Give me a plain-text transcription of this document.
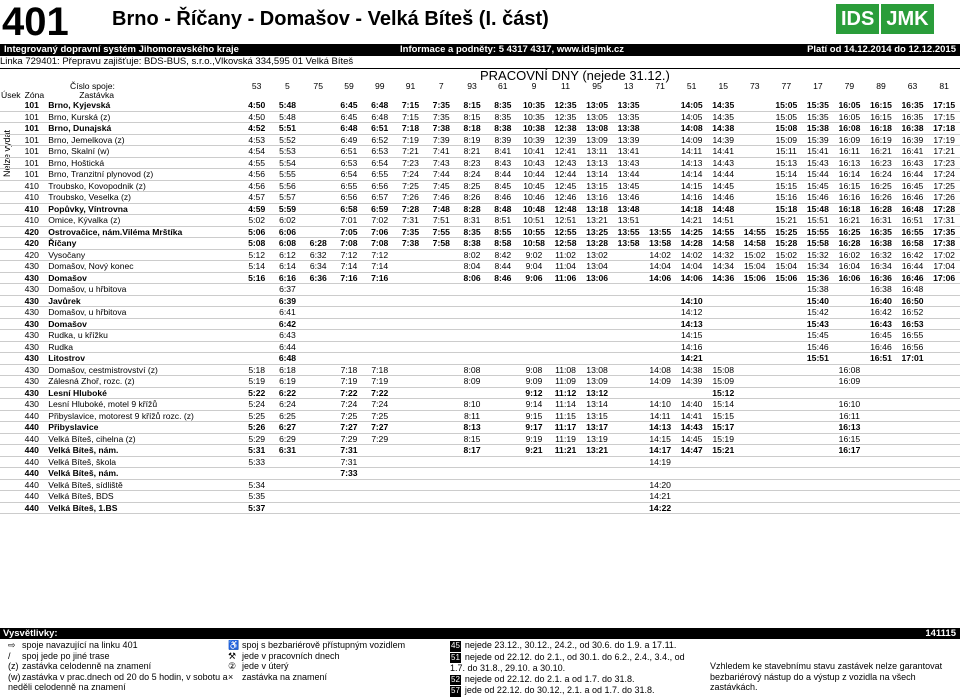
401	Brno - Říčany - Domašov - Velká Bíteš (I. část)	IDS JMK
Integrovaný dopravní systém Jihomoravského kraje	Informace a podněty: 5 4317 4317, www.idsjmk.cz	Platí od 14.12.2014 do 12.12.2015
Linka 729401: Přepravu zajišťuje: BDS-BUS, s.r.o.,Vlkovská 334,595 01 Velká Bíteš
PRACOVNÍ DNY (nejede 31.12.)
Nelze vydat
Číslo spoje:			53	5	75	59	99	91	7	93	61	9	11	95	13	71	51	15	73	77	17	79	89	63	81
Úsek	Zóna	Zastávka																							
	101	Brno, Kyjevská	4:50	5:48		6:45	6:48	7:15	7:35	8:15	8:35	10:35	12:35	13:05	13:35		14:05	14:35		15:05	15:35	16:05	16:15	16:35	17:15
	101	Brno, Kurská (z)	4:50	5:48		6:45	6:48	7:15	7:35	8:15	8:35	10:35	12:35	13:05	13:35		14:05	14:35		15:05	15:35	16:05	16:15	16:35	17:15
	101	Brno, Dunajská	4:52	5:51		6:48	6:51	7:18	7:38	8:18	8:38	10:38	12:38	13:08	13:38		14:08	14:38		15:08	15:38	16:08	16:18	16:38	17:18
	101	Brno, Jemelkova (z)	4:53	5:52		6:49	6:52	7:19	7:39	8:19	8:39	10:39	12:39	13:09	13:39		14:09	14:39		15:09	15:39	16:09	16:19	16:39	17:19
	101	Brno, Skalní (w)	4:54	5:53		6:51	6:53	7:21	7:41	8:21	8:41	10:41	12:41	13:11	13:41		14:11	14:41		15:11	15:41	16:11	16:21	16:41	17:21
	101	Brno, Hoštická	4:55	5:54		6:53	6:54	7:23	7:43	8:23	8:43	10:43	12:43	13:13	13:43		14:13	14:43		15:13	15:43	16:13	16:23	16:43	17:23
	101	Brno, Tranzitní plynovod (z)	4:56	5:55		6:54	6:55	7:24	7:44	8:24	8:44	10:44	12:44	13:14	13:44		14:14	14:44		15:14	15:44	16:14	16:24	16:44	17:24
	410	Troubsko, Kovopodnik (z)	4:56	5:56		6:55	6:56	7:25	7:45	8:25	8:45	10:45	12:45	13:15	13:45		14:15	14:45		15:15	15:45	16:15	16:25	16:45	17:25
	410	Troubsko, Veselka (z)	4:57	5:57		6:56	6:57	7:26	7:46	8:26	8:46	10:46	12:46	13:16	13:46		14:16	14:46		15:16	15:46	16:16	16:26	16:46	17:26
	410	Popůvky, Víntrovna	4:59	5:59		6:58	6:59	7:28	7:48	8:28	8:48	10:48	12:48	13:18	13:48		14:18	14:48		15:18	15:48	16:18	16:28	16:48	17:28
	410	Omice, Kývalka (z)	5:02	6:02		7:01	7:02	7:31	7:51	8:31	8:51	10:51	12:51	13:21	13:51		14:21	14:51		15:21	15:51	16:21	16:31	16:51	17:31
	420	Ostrovačice, nám.Viléma Mrštíka	5:06	6:06		7:05	7:06	7:35	7:55	8:35	8:55	10:55	12:55	13:25	13:55	13:55	14:25	14:55	14:55	15:25	15:55	16:25	16:35	16:55	17:35
	420	Říčany	5:08	6:08	6:28	7:08	7:08	7:38	7:58	8:38	8:58	10:58	12:58	13:28	13:58	13:58	14:28	14:58	14:58	15:28	15:58	16:28	16:38	16:58	17:38
	420	Vysočany	5:12	6:12	6:32	7:12	7:12			8:02	8:42	9:02	11:02	13:02		14:02	14:02	14:32	15:02	15:02	15:32	16:02	16:32	16:42	17:02
	430	Domašov, Nový konec	5:14	6:14	6:34	7:14	7:14			8:04	8:44	9:04	11:04	13:04		14:04	14:04	14:34	15:04	15:04	15:34	16:04	16:34	16:44	17:04
	430	Domašov	5:16	6:16	6:36	7:16	7:16			8:06	8:46	9:06	11:06	13:06		14:06	14:06	14:36	15:06	15:06	15:36	16:06	16:36	16:46	17:06
	430	Domašov, u hřbitova		6:37																	15:38		16:38	16:48	
	430	Javůrek		6:39													14:10				15:40		16:40	16:50	
	430	Domašov, u hřbitova		6:41													14:12				15:42		16:42	16:52	
	430	Domašov		6:42													14:13				15:43		16:43	16:53	
	430	Rudka, u křížku		6:43													14:15				15:45		16:45	16:55	
	430	Rudka		6:44													14:16				15:46		16:46	16:56	
	430	Litostrov		6:48													14:21				15:51		16:51	17:01	
	430	Domašov, cestmistrovství (z)	5:18	6:18		7:18	7:18			8:08		9:08	11:08	13:08		14:08	14:38	15:08				16:08			
	430	Zálesná Zhoř, rozc. (z)	5:19	6:19		7:19	7:19			8:09		9:09	11:09	13:09		14:09	14:39	15:09				16:09			
	430	Lesní Hluboké	5:22	6:22		7:22	7:22					9:12	11:12	13:12				15:12							
	430	Lesní Hluboké, motel 9 křížů	5:24	6:24		7:24	7:24			8:10		9:14	11:14	13:14		14:10	14:40	15:14				16:10			
	440	Přibyslavice, motorest 9 křížů rozc. (z)	5:25	6:25		7:25	7:25			8:11		9:15	11:15	13:15		14:11	14:41	15:15				16:11			
	440	Přibyslavice	5:26	6:27		7:27	7:27			8:13		9:17	11:17	13:17		14:13	14:43	15:17				16:13			
	440	Velká Bíteš, cihelna (z)	5:29	6:29		7:29	7:29			8:15		9:19	11:19	13:19		14:15	14:45	15:19				16:15			
	440	Velká Bíteš, nám.	5:31	6:31		7:31				8:17		9:21	11:21	13:21		14:17	14:47	15:21				16:17			
	440	Velká Bíteš, škola	5:33			7:31										14:19									
	440	Velká Bíteš, nám.				7:33																			
	440	Velká Bíteš, sídliště	5:34													14:20									
	440	Velká Bíteš, BDS	5:35													14:21									
	440	Velká Bíteš, 1.BS	5:37													14:22									
Vysvětlivky:	141115
⇨ spoje navazující na linku 401
/ spoj jede po jiné trase
(z) zastávka celodenně na znamení
(w) zastávka v prac.dnech od 20 do 5 hodin, v sobotu a neděli celodenně na znamení
♿ spoj s bezbariérově přístupným vozidlem
⚒ jede v pracovních dnech
② jede v úterý
× zastávka na znamení
45 nejede 23.12., 30.12., 24.2., od 30.6. do 1.9. a 17.11.
51 nejede od 22.12. do 2.1., od 30.1. do 6.2., 2.4., 3.4., od 1.7. do 31.8., 29.10. a 30.10.
52 nejede od 22.12. do 2.1. a od 1.7. do 31.8.
57 jede od 22.12. do 30.12., 2.1. a od 1.7. do 31.8.
Vzhledem ke stavebnímu stavu zastávek nelze garantovat
bezbariérový nástup do a výstup z vozidla na všech zastávkách.
